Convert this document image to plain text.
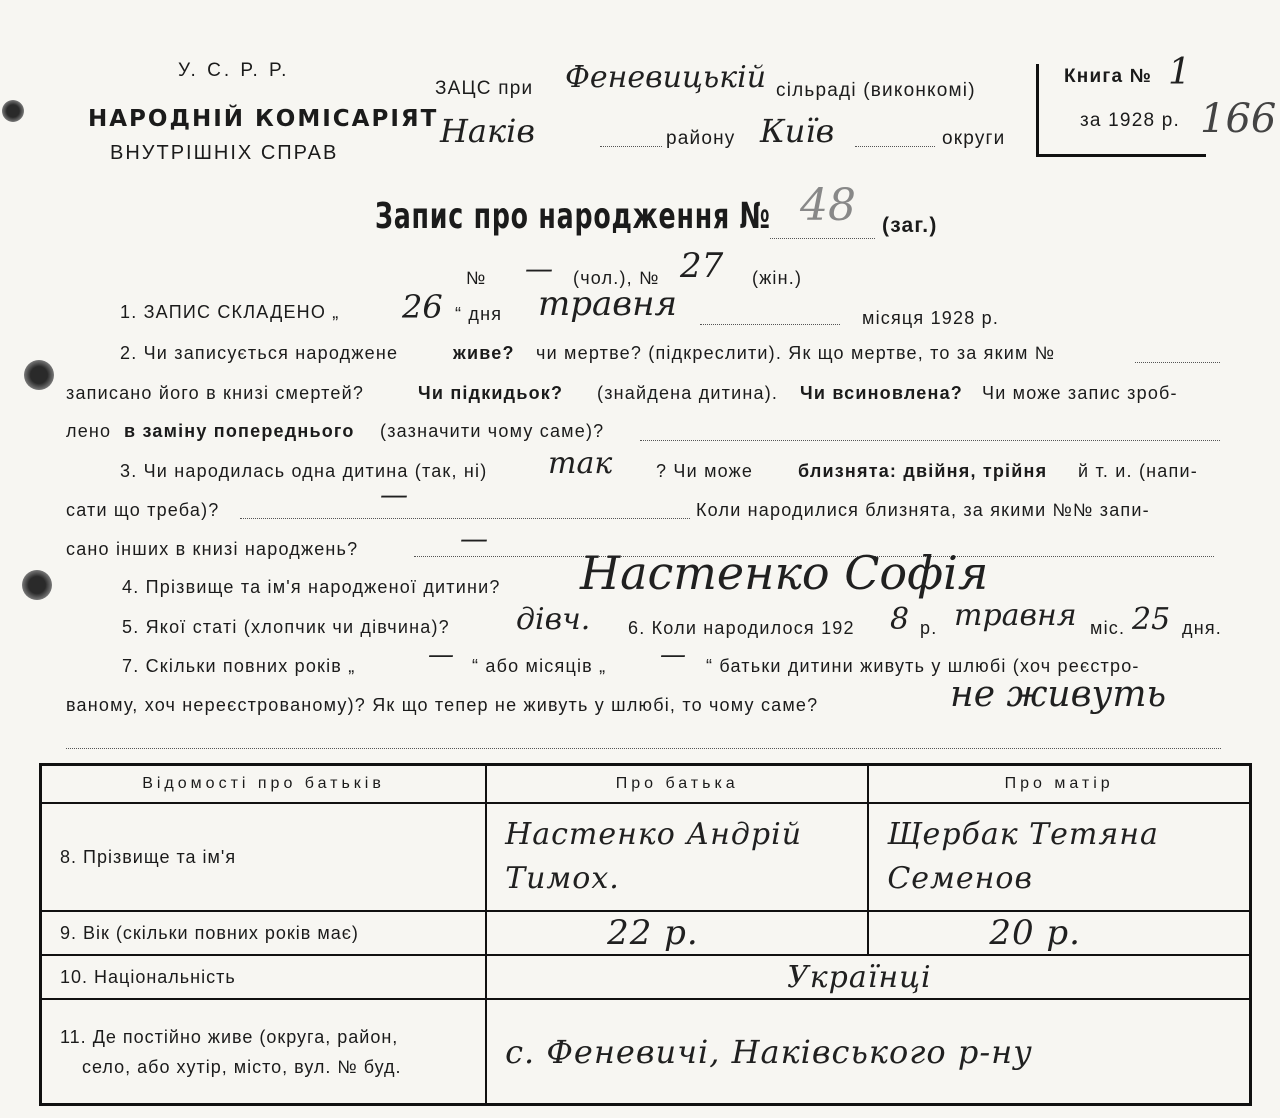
У. С. Р. Р.
НАРОДНІЙ КОМІСАРІЯТ
ВНУТРІШНІХ СПРАВ
ЗАЦС при Феневицькій сільраді (виконкомі)
Наків	району Київ	округи
Книга № 1
за 1928 р. 166
Запис про народження № 48 (заг.)
№ — (чол.), № 27 (жін.)
1. ЗАПИС СКЛАДЕНО „ 26 “ дня травня	місяця 1928 р.
2. Чи записується народжене	живе? чи мертве? (підкреслити). Як що мертве, то за яким №
записано його в книзі смертей?	Чи підкидьок? (знайдена дитина). Чи всиновлена? Чи може запис зроб-
лено в заміну попереднього (зазначити чому саме)?
3. Чи народилась одна дитина (так, ні) так ? Чи може близнята: двійня, трійня й т. и. (напи-
сати що треба)?	—	Коли народилися близнята, за якими №№ запи-
сано інших в книзі народжень?	—
4. Прізвище та ім'я народженої дитини? Настенко Софія
5. Якої статі (хлопчик чи дівчина)? дівч. 6. Коли народилося 192 8 р. травня міс. 25 дня.
7. Скільки повних років „	— “ або місяців „ — “ батьки дитини живуть у шлюбі (хоч реєстро-
ваному, хоч нереєстрованому)? Як що тепер не живуть у шлюбі, то чому саме?	не живуть
Відомості про батьків	Про батька	Про матір
8. Прізвище та ім'я	Настенко Андрій Тимох.	Щербак Тетяна Семенов
9. Вік (скільки повних років має)	22 р.	20 р.
10. Національність	Українці	

11. Де постійно живе (округа, район,
село, або хутір, місто, вул. № буд.	с. Феневичі, Наківського р-ну	
